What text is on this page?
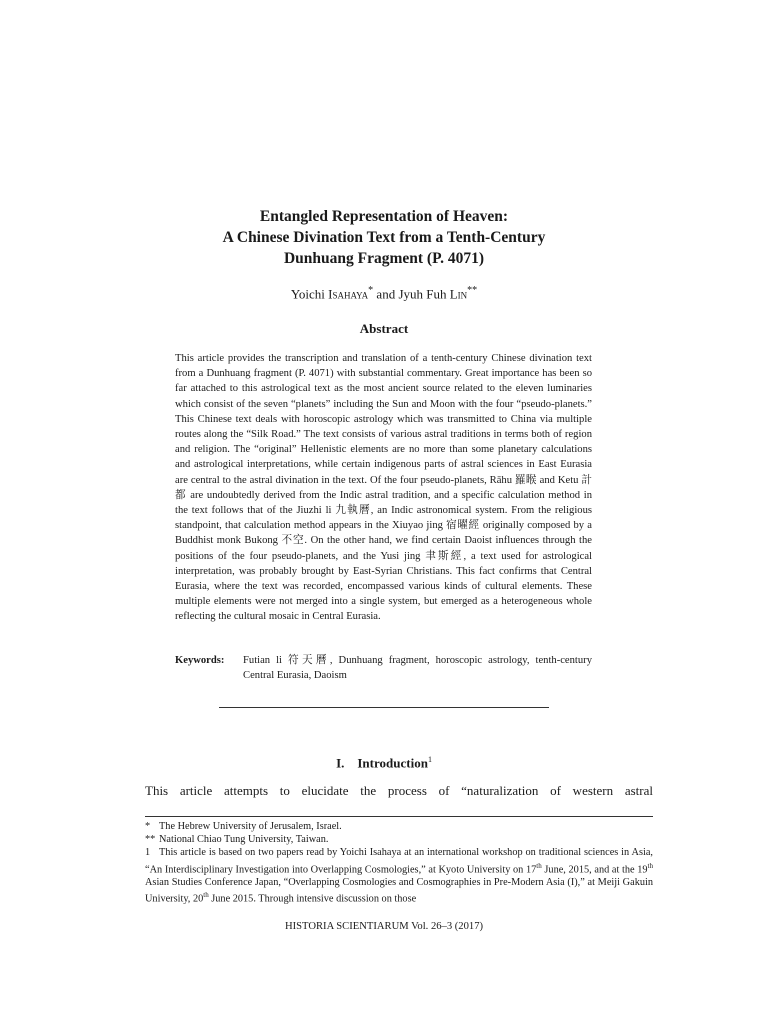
Entangled Representation of Heaven:
A Chinese Divination Text from a Tenth-Century
Dunhuang Fragment (P. 4071)
Yoichi Isahaya* and Jyuh Fuh Lin**
Abstract
This article provides the transcription and translation of a tenth-century Chinese divination text from a Dunhuang fragment (P. 4071) with substantial commentary. Great importance has been so far attached to this astrological text as the most ancient source related to the eleven luminaries which consist of the seven “planets” including the Sun and Moon with the four “pseudo-planets.” This Chinese text deals with horoscopic astrology which was transmitted to China via multiple routes along the “Silk Road.” The text consists of various astral traditions in terms both of region and religion. The “original” Hellenistic elements are no more than some planetary calculations and astrological interpretations, while certain indigenous parts of astral sciences in East Eurasia are central to the astral divination in the text. Of the four pseudo-planets, Rāhu 羅睺 and Ketu 計都 are undoubtedly derived from the Indic astral tradition, and a specific calculation method in the text follows that of the Jiuzhi li 九執曆, an Indic astronomical system. From the religious standpoint, that calculation method appears in the Xiuyao jing 宿曜經 originally composed by a Buddhist monk Bukong 不空. On the other hand, we find certain Daoist influences through the positions of the four pseudo-planets, and the Yusi jing 聿斯經, a text used for astrological interpretation, was probably brought by East-Syrian Christians. This fact confirms that Central Eurasia, where the text was recorded, encompassed various kinds of cultural elements. These multiple elements were not merged into a single system, but emerged as a heterogeneous whole reflecting the cultural mosaic in Central Eurasia.
Keywords:	Futian li 符天曆, Dunhuang fragment, horoscopic astrology, tenth-century Central Eurasia, Daoism
I.    Introduction$^1$
This article attempts to elucidate the process of “naturalization of western astral
* The Hebrew University of Jerusalem, Israel.
** National Chiao Tung University, Taiwan.
1 This article is based on two papers read by Yoichi Isahaya at an international workshop on traditional sciences in Asia, “An Interdisciplinary Investigation into Overlapping Cosmologies,” at Kyoto University on 17th June, 2015, and at the 19th Asian Studies Conference Japan, “Overlapping Cosmologies and Cosmographies in Pre-Modern Asia (I),” at Meiji Gakuin University, 20th June 2015. Through intensive discussion on those
HISTORIA SCIENTIARUM Vol. 26–3 (2017)
